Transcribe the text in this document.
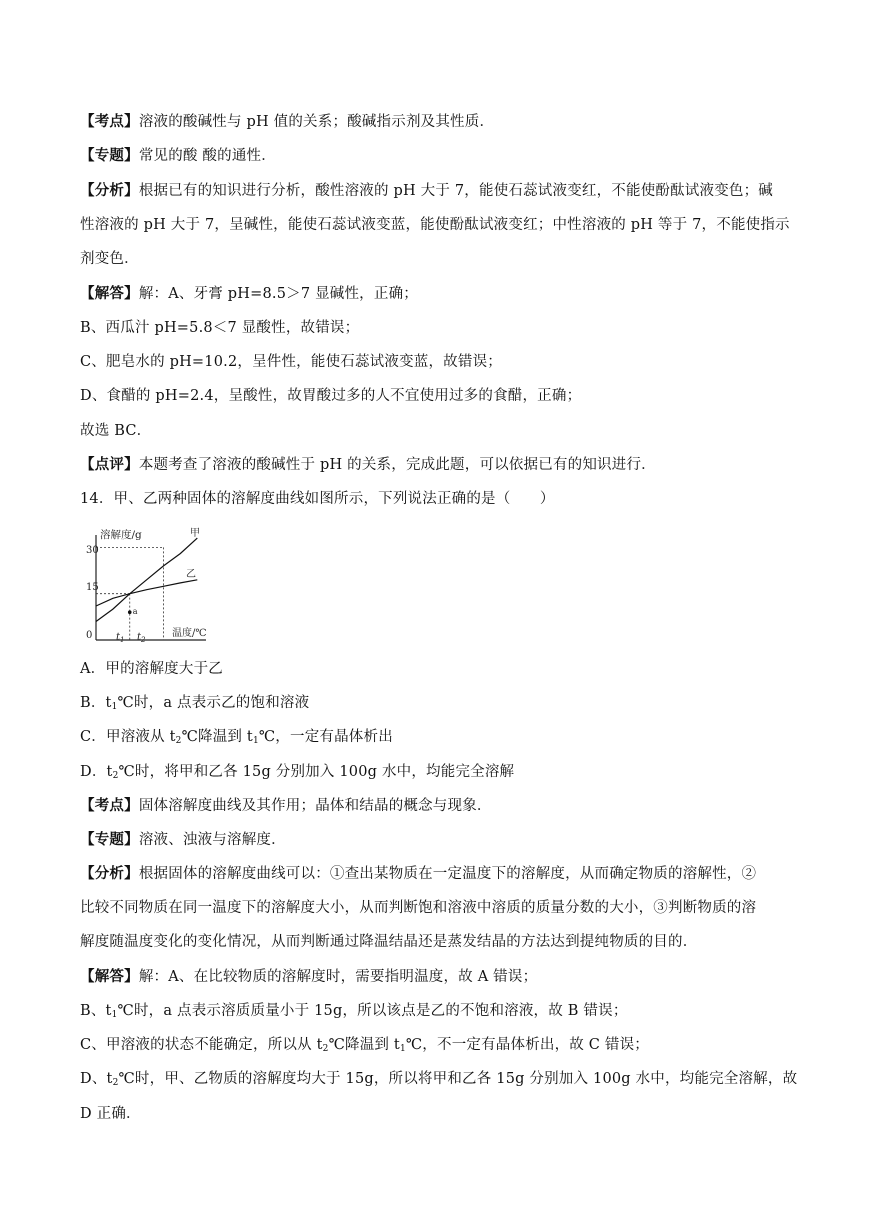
【考点】溶液的酸碱性与 pH 值的关系；酸碱指示剂及其性质．
【专题】常见的酸 酸的通性．
【分析】根据已有的知识进行分析，酸性溶液的 pH 大于 7，能使石蕊试液变红，不能使酚酞试液变色；碱
性溶液的 pH 大于 7，呈碱性，能使石蕊试液变蓝，能使酚酞试液变红；中性溶液的 pH 等于 7，不能使指示
剂变色．
【解答】解：A、牙膏 pH=8.5＞7 显碱性，正确；
B、西瓜汁 pH=5.8＜7 显酸性，故错误；
C、肥皂水的 pH=10.2，呈件性，能使石蕊试液变蓝，故错误；
D、食醋的 pH=2.4，呈酸性，故胃酸过多的人不宜使用过多的食醋，正确；
故选 BC．
【点评】本题考查了溶液的酸碱性于 pH 的关系，完成此题，可以依据已有的知识进行．
14．甲、乙两种固体的溶解度曲线如图所示，下列说法正确的是（　　）
溶解度/g
温度/℃
30
15
0 $t_1$ $t_2$
甲
乙
a
A．甲的溶解度大于乙
B．$t_1℃$时，a 点表示乙的饱和溶液
C．甲溶液从 $t_2℃$降温到 $t_1℃$，一定有晶体析出
D．$t_2℃$时，将甲和乙各 15g 分别加入 100g 水中，均能完全溶解
【考点】固体溶解度曲线及其作用；晶体和结晶的概念与现象．
【专题】溶液、浊液与溶解度．
【分析】根据固体的溶解度曲线可以：①查出某物质在一定温度下的溶解度，从而确定物质的溶解性，②
比较不同物质在同一温度下的溶解度大小，从而判断饱和溶液中溶质的质量分数的大小，③判断物质的溶
解度随温度变化的变化情况，从而判断通过降温结晶还是蒸发结晶的方法达到提纯物质的目的．
【解答】解：A、在比较物质的溶解度时，需要指明温度，故 A 错误；
B、$t_1℃$时，a 点表示溶质质量小于 15g，所以该点是乙的不饱和溶液，故 B 错误；
C、甲溶液的状态不能确定，所以从 $t_2℃$降温到 $t_1℃$，不一定有晶体析出，故 C 错误；
D、$t_2℃$时，甲、乙物质的溶解度均大于 15g，所以将甲和乙各 15g 分别加入 100g 水中，均能完全溶解，故
D 正确．
